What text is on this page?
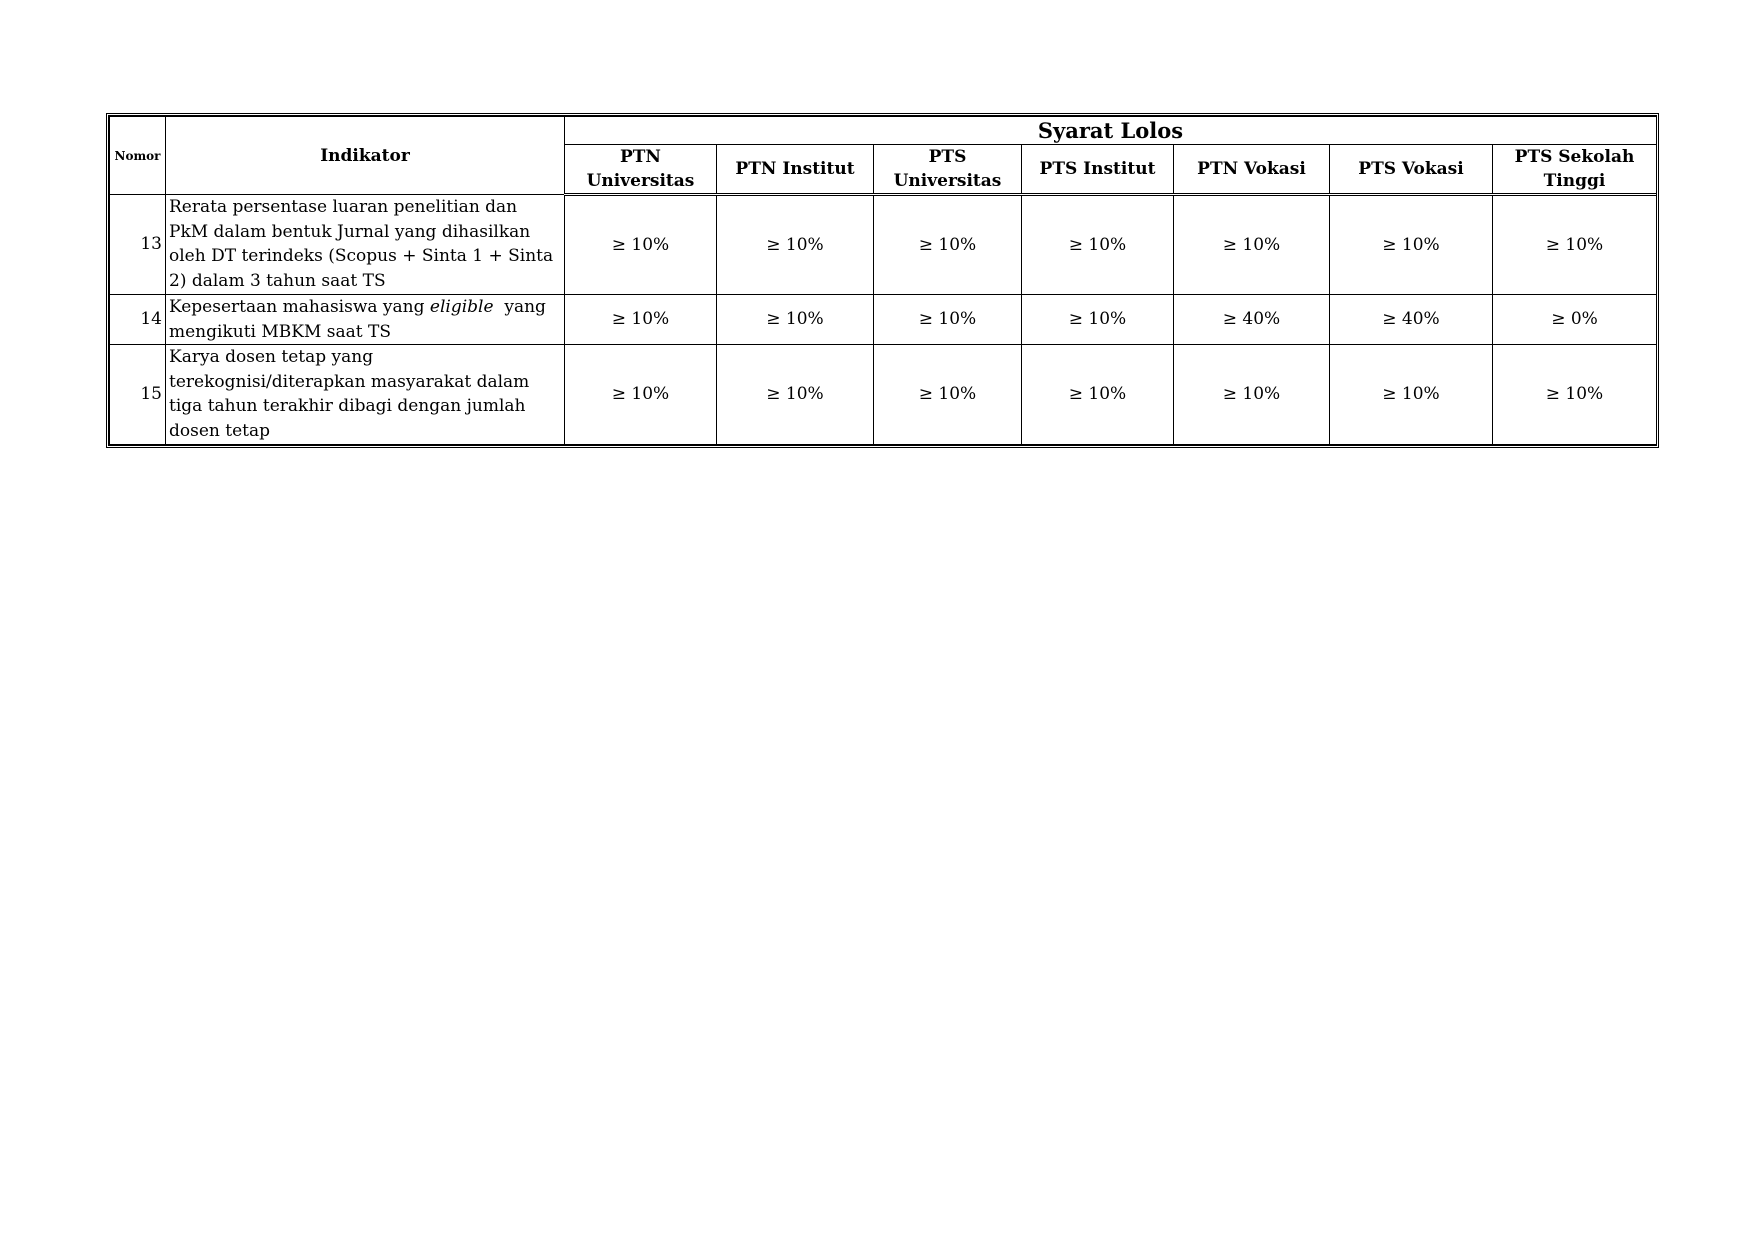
Nomor	Indikator	Syarat Lolos						
		PTN Universitas	PTN Institut	PTS Universitas	PTS Institut	PTN Vokasi	PTS Vokasi	PTS Sekolah Tinggi
13	Rerata persentase luaran penelitian dan PkM dalam bentuk Jurnal yang dihasilkan oleh DT terindeks (Scopus + Sinta 1 + Sinta 2) dalam 3 tahun saat TS	≥ 10%	≥ 10%	≥ 10%	≥ 10%	≥ 10%	≥ 10%	≥ 10%
14	Kepesertaan mahasiswa yang eligible  yang mengikuti MBKM saat TS	≥ 10%	≥ 10%	≥ 10%	≥ 10%	≥ 40%	≥ 40%	≥ 0%
15	Karya dosen tetap yang terekognisi/diterapkan masyarakat dalam tiga tahun terakhir dibagi dengan jumlah dosen tetap	≥ 10%	≥ 10%	≥ 10%	≥ 10%	≥ 10%	≥ 10%	≥ 10%
